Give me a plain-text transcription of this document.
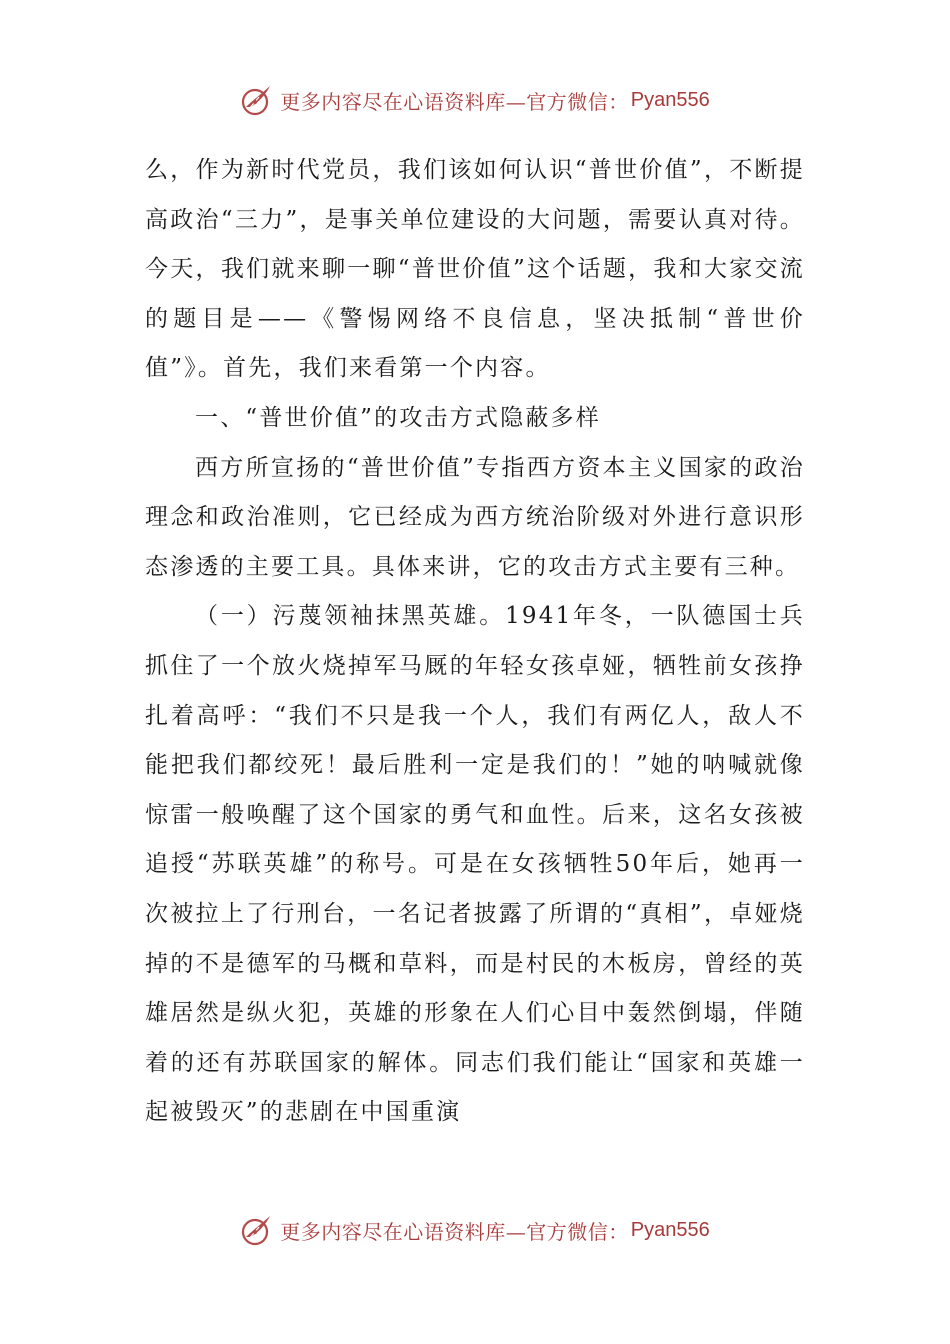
更多内容尽在心语资料库—官方微信： Pyan556

么，作为新时代党员，我们该如何认识“普世价值”，不断提高政治“三力”，是事关单位建设的大问题，需要认真对待。今天，我们就来聊一聊“普世价值”这个话题，我和大家交流的题目是——《警惕网络不良信息，坚决抵制“普世价值”》。首先，我们来看第一个内容。

一、“普世价值”的攻击方式隐蔽多样

西方所宣扬的“普世价值”专指西方资本主义国家的政治理念和政治准则，它已经成为西方统治阶级对外进行意识形态渗透的主要工具。具体来讲，它的攻击方式主要有三种。

（一）污蔑领袖抹黑英雄。1941年冬，一队德国士兵抓住了一个放火烧掉军马厩的年轻女孩卓娅，牺牲前女孩挣扎着高呼：“我们不只是我一个人，我们有两亿人，敌人不能把我们都绞死！最后胜利一定是我们的！”她的呐喊就像惊雷一般唤醒了这个国家的勇气和血性。后来，这名女孩被追授“苏联英雄”的称号。可是在女孩牺牲50年后，她再一次被拉上了行刑台，一名记者披露了所谓的“真相”，卓娅烧掉的不是德军的马概和草料，而是村民的木板房，曾经的英雄居然是纵火犯，英雄的形象在人们心目中轰然倒塌，伴随着的还有苏联国家的解体。同志们我们能让“国家和英雄一起被毁灭”的悲剧在中国重演

更多内容尽在心语资料库—官方微信： Pyan556
